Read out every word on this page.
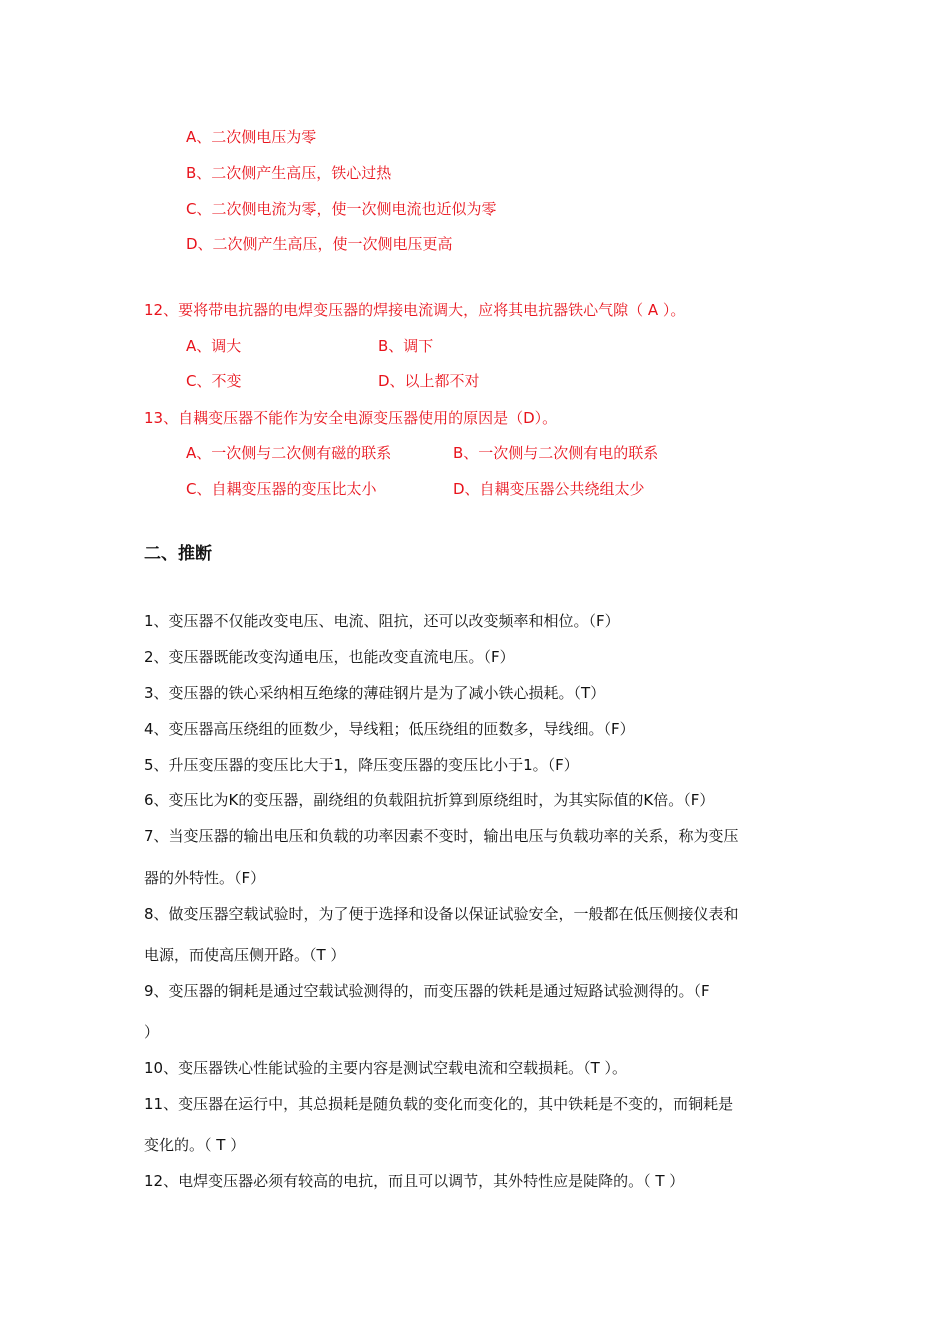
A、二次侧电压为零
B、二次侧产生高压，铁心过热
C、二次侧电流为零，使一次侧电流也近似为零
D、二次侧产生高压，使一次侧电压更高
12、要将带电抗器的电焊变压器的焊接电流调大，应将其电抗器铁心气隙（ A ）。
A、调大	B、调下
C、不变	D、以上都不对
13、自耦变压器不能作为安全电源变压器使用的原因是（D）。
A、一次侧与二次侧有磁的联系	B、一次侧与二次侧有电的联系
C、自耦变压器的变压比太小	D、自耦变压器公共绕组太少
二、推断
1、变压器不仅能改变电压、电流、阻抗，还可以改变频率和相位。（F）
2、变压器既能改变沟通电压，也能改变直流电压。（F）
3、变压器的铁心采纳相互绝缘的薄硅钢片是为了减小铁心损耗。（T）
4、变压器高压绕组的匝数少，导线粗；低压绕组的匝数多，导线细。（F）
5、升压变压器的变压比大于1，降压变压器的变压比小于1。（F）
6、变压比为K的变压器，副绕组的负载阻抗折算到原绕组时，为其实际值的K倍。（F）
7、当变压器的输出电压和负载的功率因素不变时，输出电压与负载功率的关系，称为变压
器的外特性。（F）
8、做变压器空载试验时，为了便于选择和设备以保证试验安全，一般都在低压侧接仪表和
电源，而使高压侧开路。（T ）
9、变压器的铜耗是通过空载试验测得的，而变压器的铁耗是通过短路试验测得的。（F
）
10、变压器铁心性能试验的主要内容是测试空载电流和空载损耗。（T ）。
11、变压器在运行中，其总损耗是随负载的变化而变化的，其中铁耗是不变的，而铜耗是
变化的。（ T ）
12、电焊变压器必须有较高的电抗，而且可以调节，其外特性应是陡降的。（ T ）
